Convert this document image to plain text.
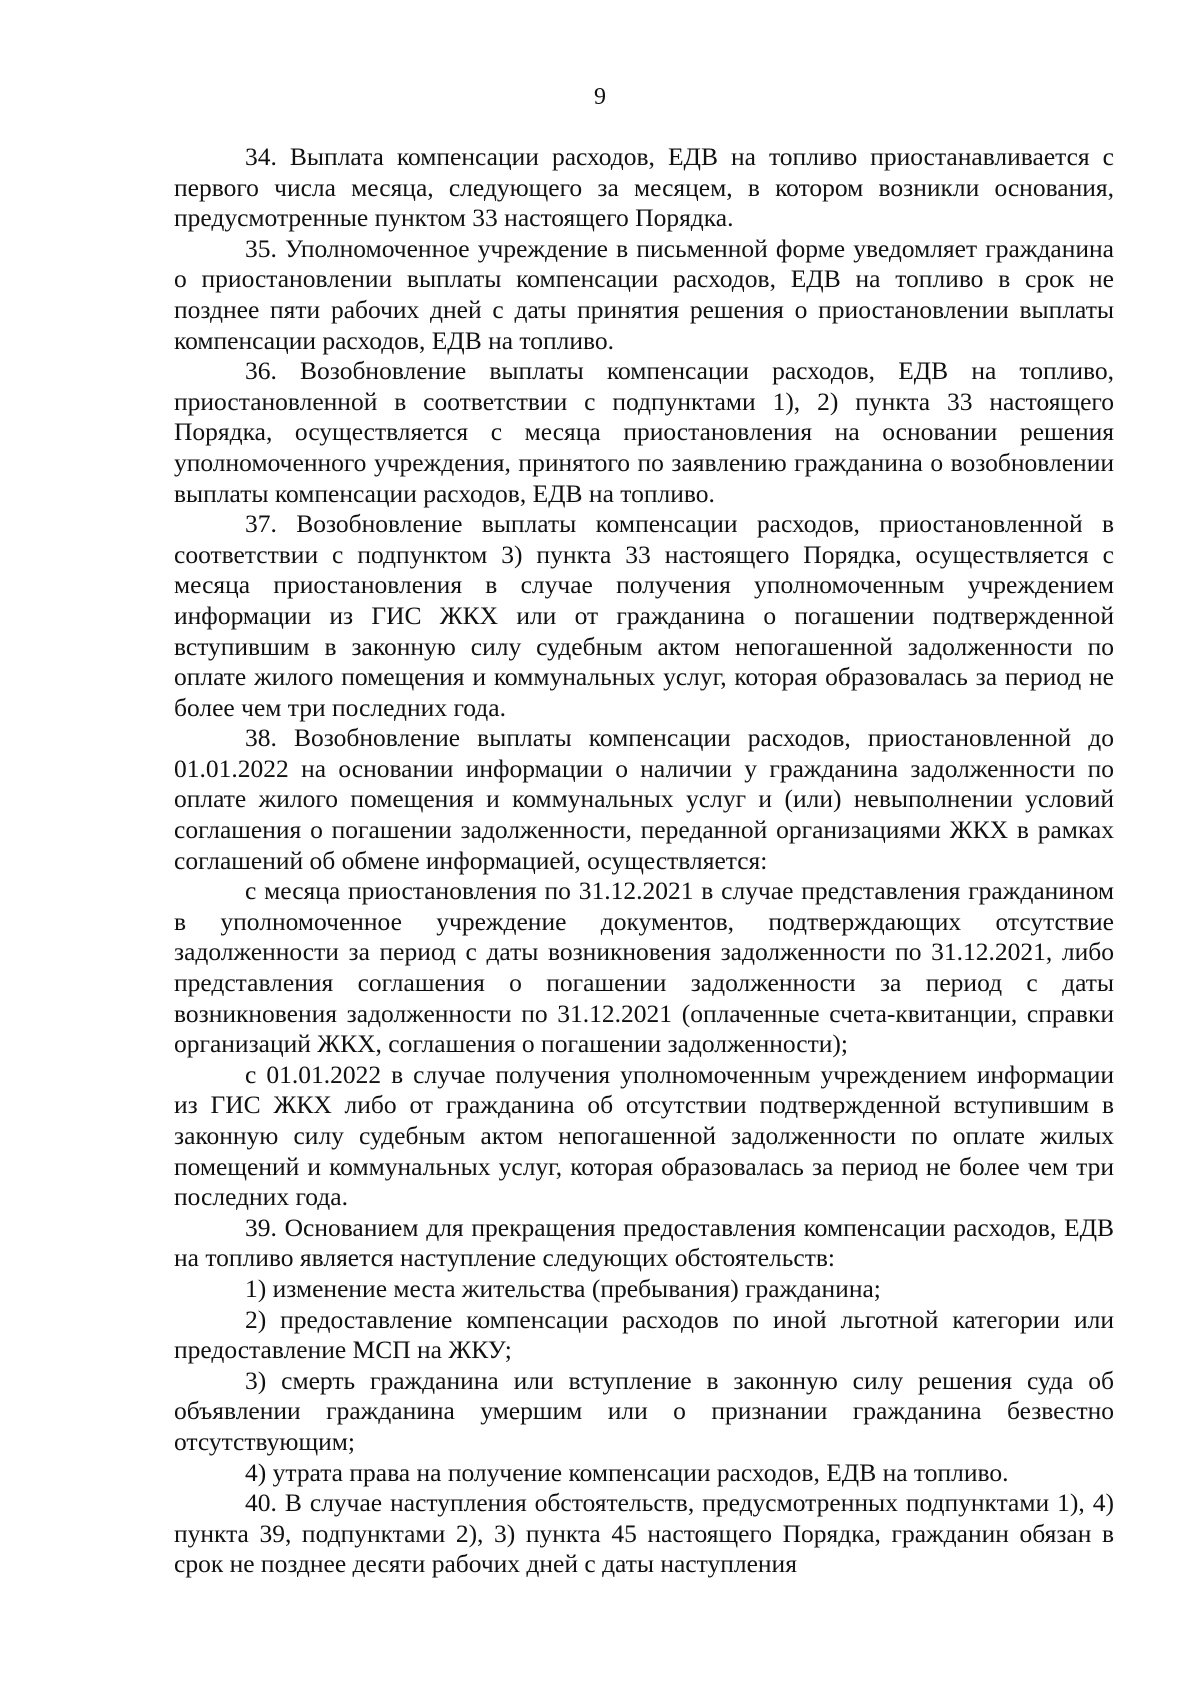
9

34. Выплата компенсации расходов, ЕДВ на топливо приостанавливается с первого числа месяца, следующего за месяцем, в котором возникли основания, предусмотренные пунктом 33 настоящего Порядка.

35. Уполномоченное учреждение в письменной форме уведомляет гражданина о приостановлении выплаты компенсации расходов, ЕДВ на топливо в срок не позднее пяти рабочих дней с даты принятия решения о приостановлении выплаты компенсации расходов, ЕДВ на топливо.

36. Возобновление выплаты компенсации расходов, ЕДВ на топливо, приостановленной в соответствии с подпунктами 1), 2) пункта 33 настоящего Порядка, осуществляется с месяца приостановления на основании решения уполномоченного учреждения, принятого по заявлению гражданина о возобновлении выплаты компенсации расходов, ЕДВ на топливо.

37. Возобновление выплаты компенсации расходов, приостановленной в соответствии с подпунктом 3) пункта 33 настоящего Порядка, осуществляется с месяца приостановления в случае получения уполномоченным учреждением информации из ГИС ЖКХ или от гражданина о погашении подтвержденной вступившим в законную силу судебным актом непогашенной задолженности по оплате жилого помещения и коммунальных услуг, которая образовалась за период не более чем три последних года.

38. Возобновление выплаты компенсации расходов, приостановленной до 01.01.2022 на основании информации о наличии у гражданина задолженности по оплате жилого помещения и коммунальных услуг и (или) невыполнении условий соглашения о погашении задолженности, переданной организациями ЖКХ в рамках соглашений об обмене информацией, осуществляется:

с месяца приостановления по 31.12.2021 в случае представления гражданином в уполномоченное учреждение документов, подтверждающих отсутствие задолженности за период с даты возникновения задолженности по 31.12.2021, либо представления соглашения о погашении задолженности за период с даты возникновения задолженности по 31.12.2021 (оплаченные счета-квитанции, справки организаций ЖКХ, соглашения о погашении задолженности);

с 01.01.2022 в случае получения уполномоченным учреждением информации из ГИС ЖКХ либо от гражданина об отсутствии подтвержденной вступившим в законную силу судебным актом непогашенной задолженности по оплате жилых помещений и коммунальных услуг, которая образовалась за период не более чем три последних года.

39. Основанием для прекращения предоставления компенсации расходов, ЕДВ на топливо является наступление следующих обстоятельств:

1) изменение места жительства (пребывания) гражданина;

2) предоставление компенсации расходов по иной льготной категории или предоставление МСП на ЖКУ;

3) смерть гражданина или вступление в законную силу решения суда об объявлении гражданина умершим или о признании гражданина безвестно отсутствующим;

4) утрата права на получение компенсации расходов, ЕДВ на топливо.

40. В случае наступления обстоятельств, предусмотренных подпунктами 1), 4) пункта 39, подпунктами 2), 3) пункта 45 настоящего Порядка, гражданин обязан в срок не позднее десяти рабочих дней с даты наступления
